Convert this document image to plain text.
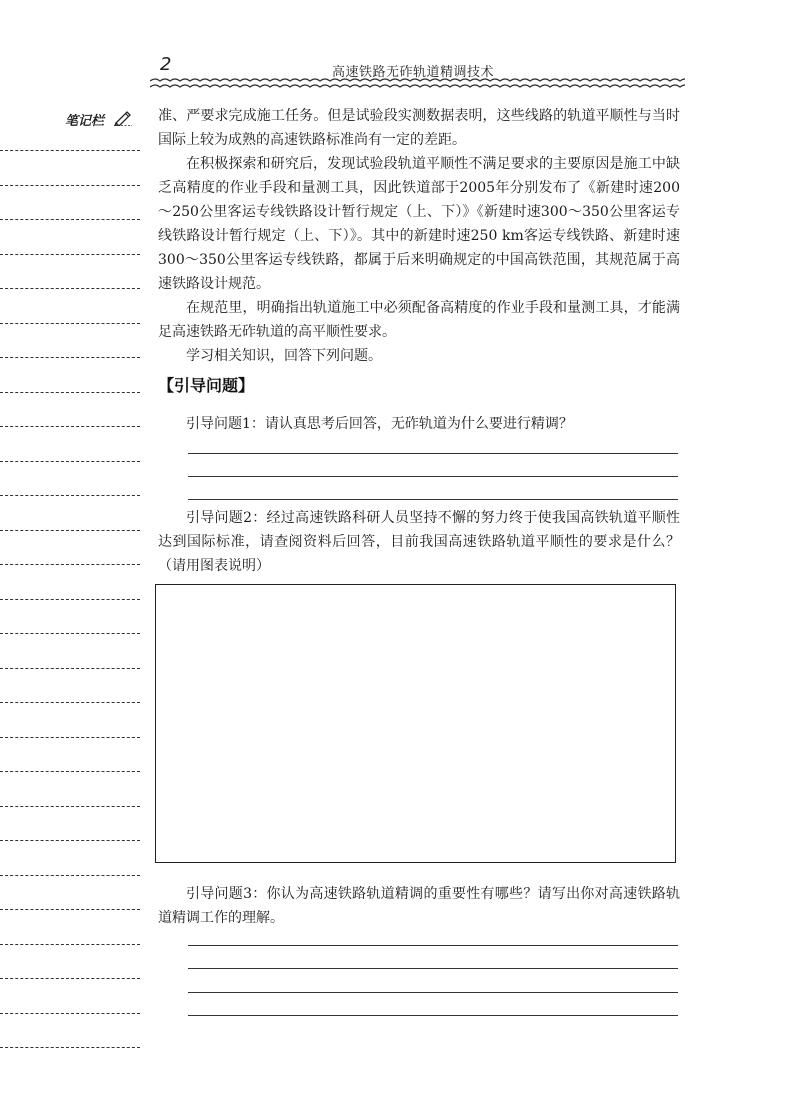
2	高速铁路无砟轨道精调技术
笔记栏	准、严要求完成施工任务。但是试验段实测数据表明，这些线路的轨道平顺性与当时国际上较为成熟的高速铁路标准尚有一定的差距。

在积极探索和研究后，发现试验段轨道平顺性不满足要求的主要原因是施工中缺乏高精度的作业手段和量测工具，因此铁道部于2005年分别发布了《新建时速200～250公里客运专线铁路设计暂行规定（上、下）》《新建时速300～350公里客运专线铁路设计暂行规定（上、下）》。其中的新建时速250 km客运专线铁路、新建时速300～350公里客运专线铁路，都属于后来明确规定的中国高铁范围，其规范属于高速铁路设计规范。

在规范里，明确指出轨道施工中必须配备高精度的作业手段和量测工具，才能满足高速铁路无砟轨道的高平顺性要求。

学习相关知识，回答下列问题。

【引导问题】
引导问题1：请认真思考后回答，无砟轨道为什么要进行精调？
引导问题2：经过高速铁路科研人员坚持不懈的努力终于使我国高铁轨道平顺性达到国际标准，请查阅资料后回答，目前我国高速铁路轨道平顺性的要求是什么？（请用图表说明）
引导问题3：你认为高速铁路轨道精调的重要性有哪些？请写出你对高速铁路轨道精调工作的理解。
